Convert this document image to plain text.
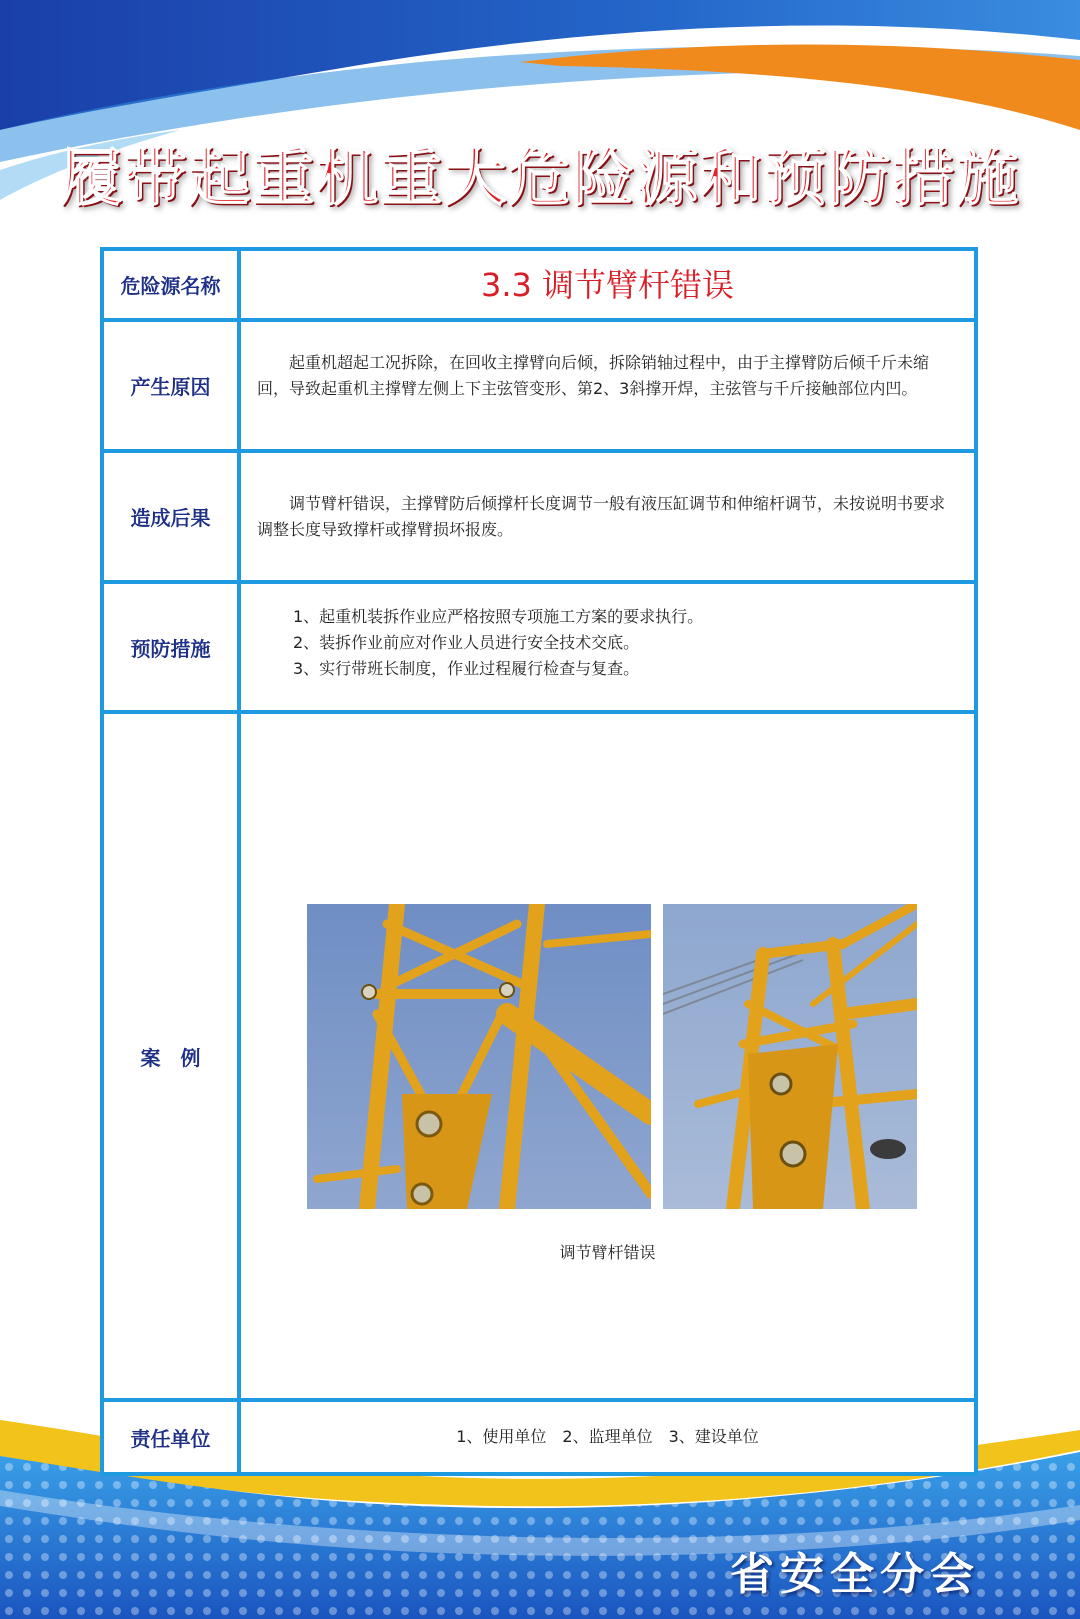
履带起重机重大危险源和预防措施
危险源名称	3.3 调节臂杆错误
产生原因

起重机超起工况拆除，在回收主撑臂向后倾，拆除销轴过程中，由于主撑臂防后倾千斤未缩回，导致起重机主撑臂左侧上下主弦管变形、第2、3斜撑开焊，主弦管与千斤接触部位内凹。

造成后果

调节臂杆错误，主撑臂防后倾撑杆长度调节一般有液压缸调节和伸缩杆调节，未按说明书要求调整长度导致撑杆或撑臂损坏报废。

预防措施
1、起重机装拆作业应严格按照专项施工方案的要求执行。
2、装拆作业前应对作业人员进行安全技术交底。
3、实行带班长制度，作业过程履行检查与复查。
案　例
调节臂杆错误
责任单位	1、使用单位　2、监理单位　3、建设单位
省安全分会
